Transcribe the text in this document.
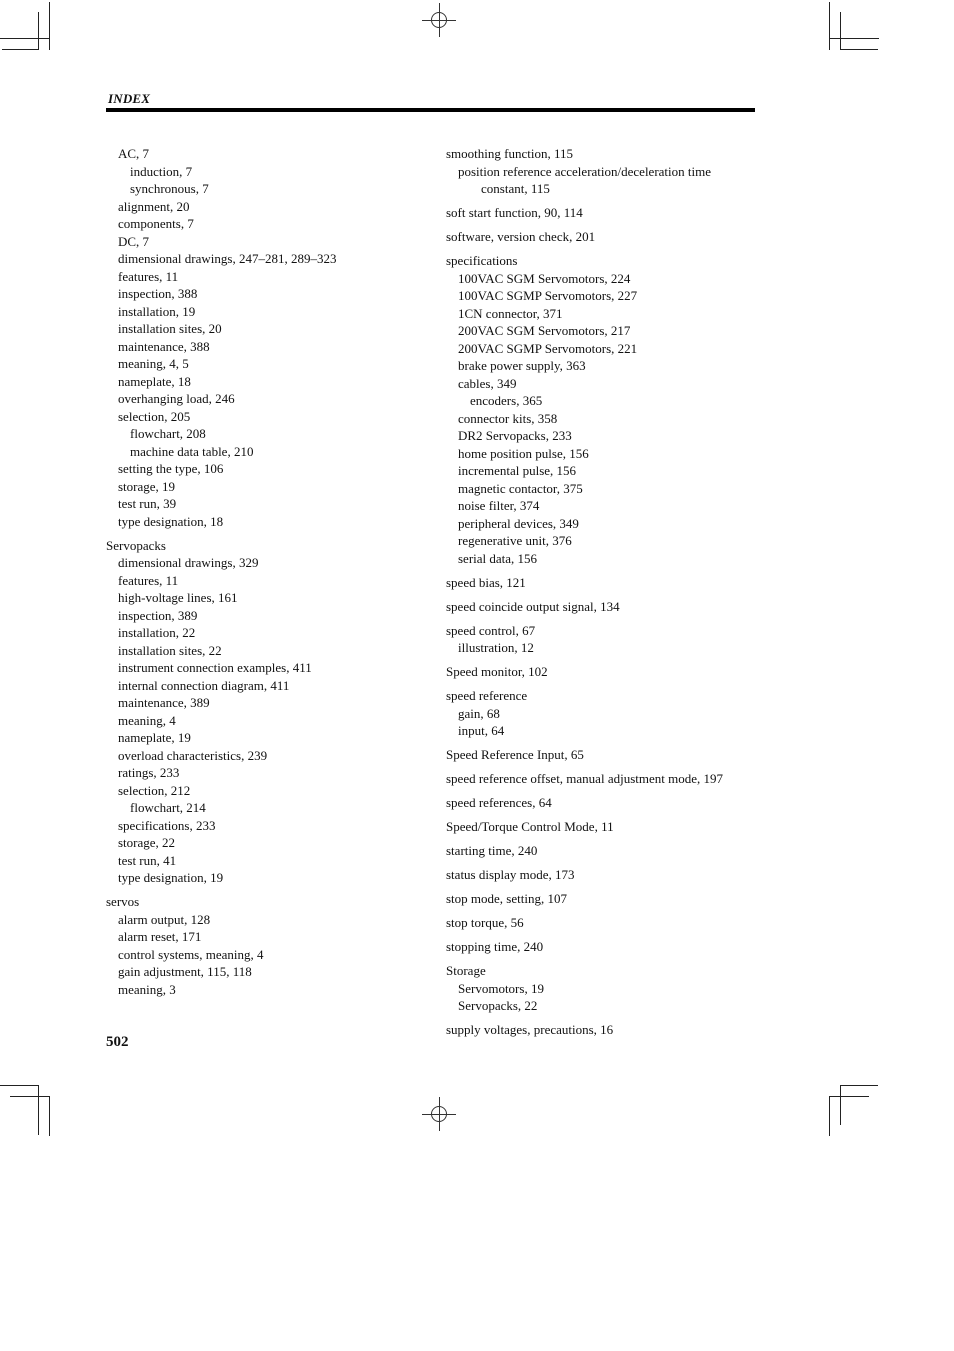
INDEX
AC, 7
induction, 7
synchronous, 7
alignment, 20
components, 7
DC, 7
dimensional drawings, 247–281, 289–323
features, 11
inspection, 388
installation, 19
installation sites, 20
maintenance, 388
meaning, 4, 5
nameplate, 18
overhanging load, 246
selection, 205
flowchart, 208
machine data table, 210
setting the type, 106
storage, 19
test run, 39
type designation, 18
Servopacks
dimensional drawings, 329
features, 11
high-voltage lines, 161
inspection, 389
installation, 22
installation sites, 22
instrument connection examples, 411
internal connection diagram, 411
maintenance, 389
meaning, 4
nameplate, 19
overload characteristics, 239
ratings, 233
selection, 212
flowchart, 214
specifications, 233
storage, 22
test run, 41
type designation, 19
servos
alarm output, 128
alarm reset, 171
control systems, meaning, 4
gain adjustment, 115, 118
meaning, 3
smoothing function, 115
position reference acceleration/deceleration time
constant, 115
soft start function, 90, 114
software, version check, 201
specifications
100VAC SGM Servomotors, 224
100VAC SGMP Servomotors, 227
1CN connector, 371
200VAC SGM Servomotors, 217
200VAC SGMP Servomotors, 221
brake power supply, 363
cables, 349
encoders, 365
connector kits, 358
DR2 Servopacks, 233
home position pulse, 156
incremental pulse, 156
magnetic contactor, 375
noise filter, 374
peripheral devices, 349
regenerative unit, 376
serial data, 156
speed bias, 121
speed coincide output signal, 134
speed control, 67
illustration, 12
Speed monitor, 102
speed reference
gain, 68
input, 64
Speed Reference Input, 65
speed reference offset, manual adjustment mode, 197
speed references, 64
Speed/Torque Control Mode, 11
starting time, 240
status display mode, 173
stop mode, setting, 107
stop torque, 56
stopping time, 240
Storage
Servomotors, 19
Servopacks, 22
supply voltages, precautions, 16
502
